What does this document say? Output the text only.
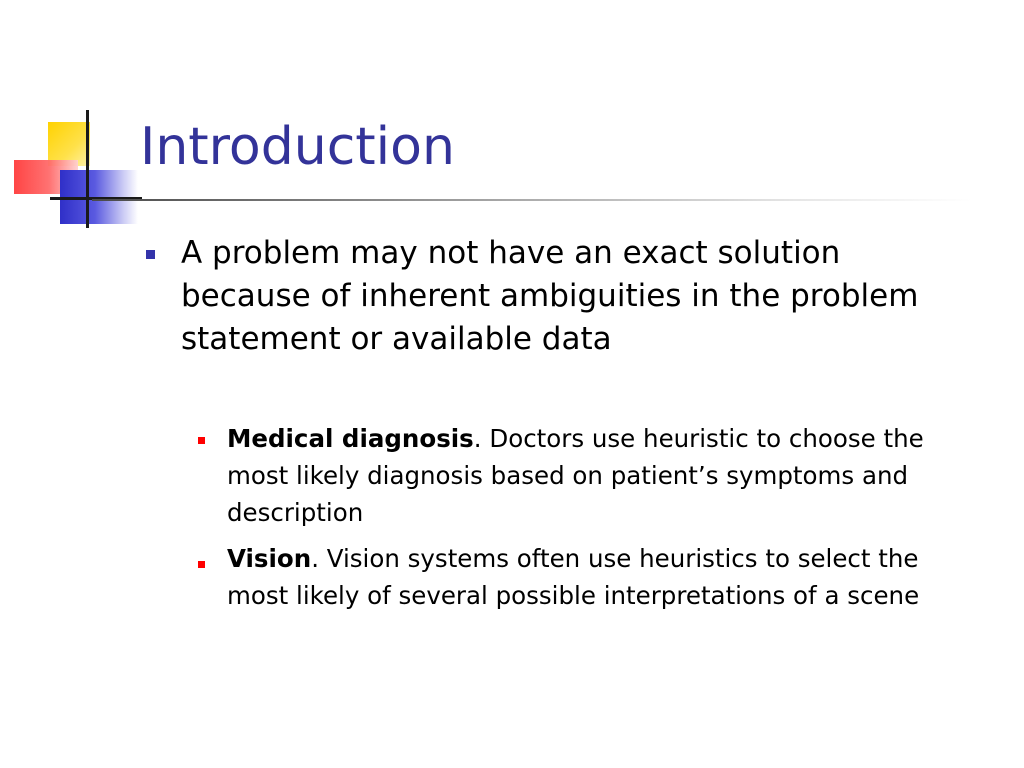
Introduction

A problem may not have an exact solution because of inherent ambiguities in the problem statement or available data

Medical diagnosis. Doctors use heuristic to choose the most likely diagnosis based on patient’s symptoms and description

Vision. Vision systems often use heuristics to select the most likely of several possible interpretations of a scene
